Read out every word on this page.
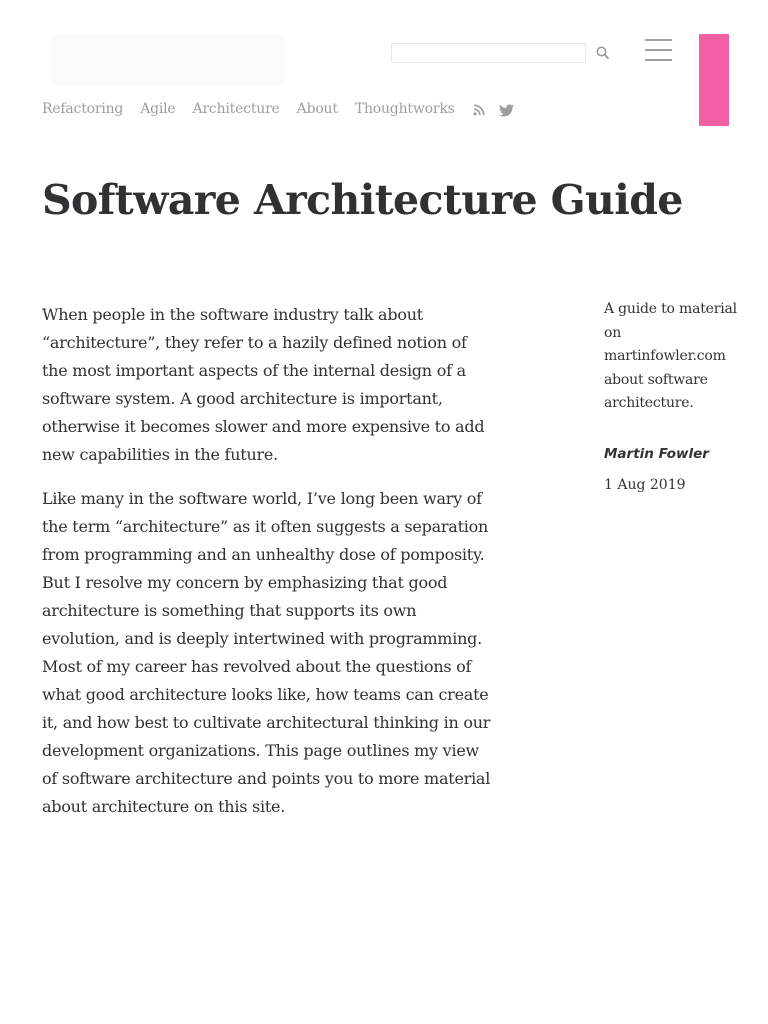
Refactoring Agile Architecture About Thoughtworks
Software Architecture Guide

When people in the software industry talk about “architecture”, they refer to a hazily defined notion of the most important aspects of the internal design of a software system. A good architecture is important, otherwise it becomes slower and more expensive to add new capabilities in the future.

Like many in the software world, I’ve long been wary of the term “architecture” as it often suggests a separation from programming and an unhealthy dose of pomposity. But I resolve my concern by emphasizing that good architecture is something that supports its own evolution, and is deeply intertwined with programming. Most of my career has revolved about the questions of what good architecture looks like, how teams can create it, and how best to cultivate architectural thinking in our development organizations. This page outlines my view of software architecture and points you to more material about architecture on this site.

A guide to material on martinfowler.com about software architecture.

Martin Fowler

1 Aug 2019
